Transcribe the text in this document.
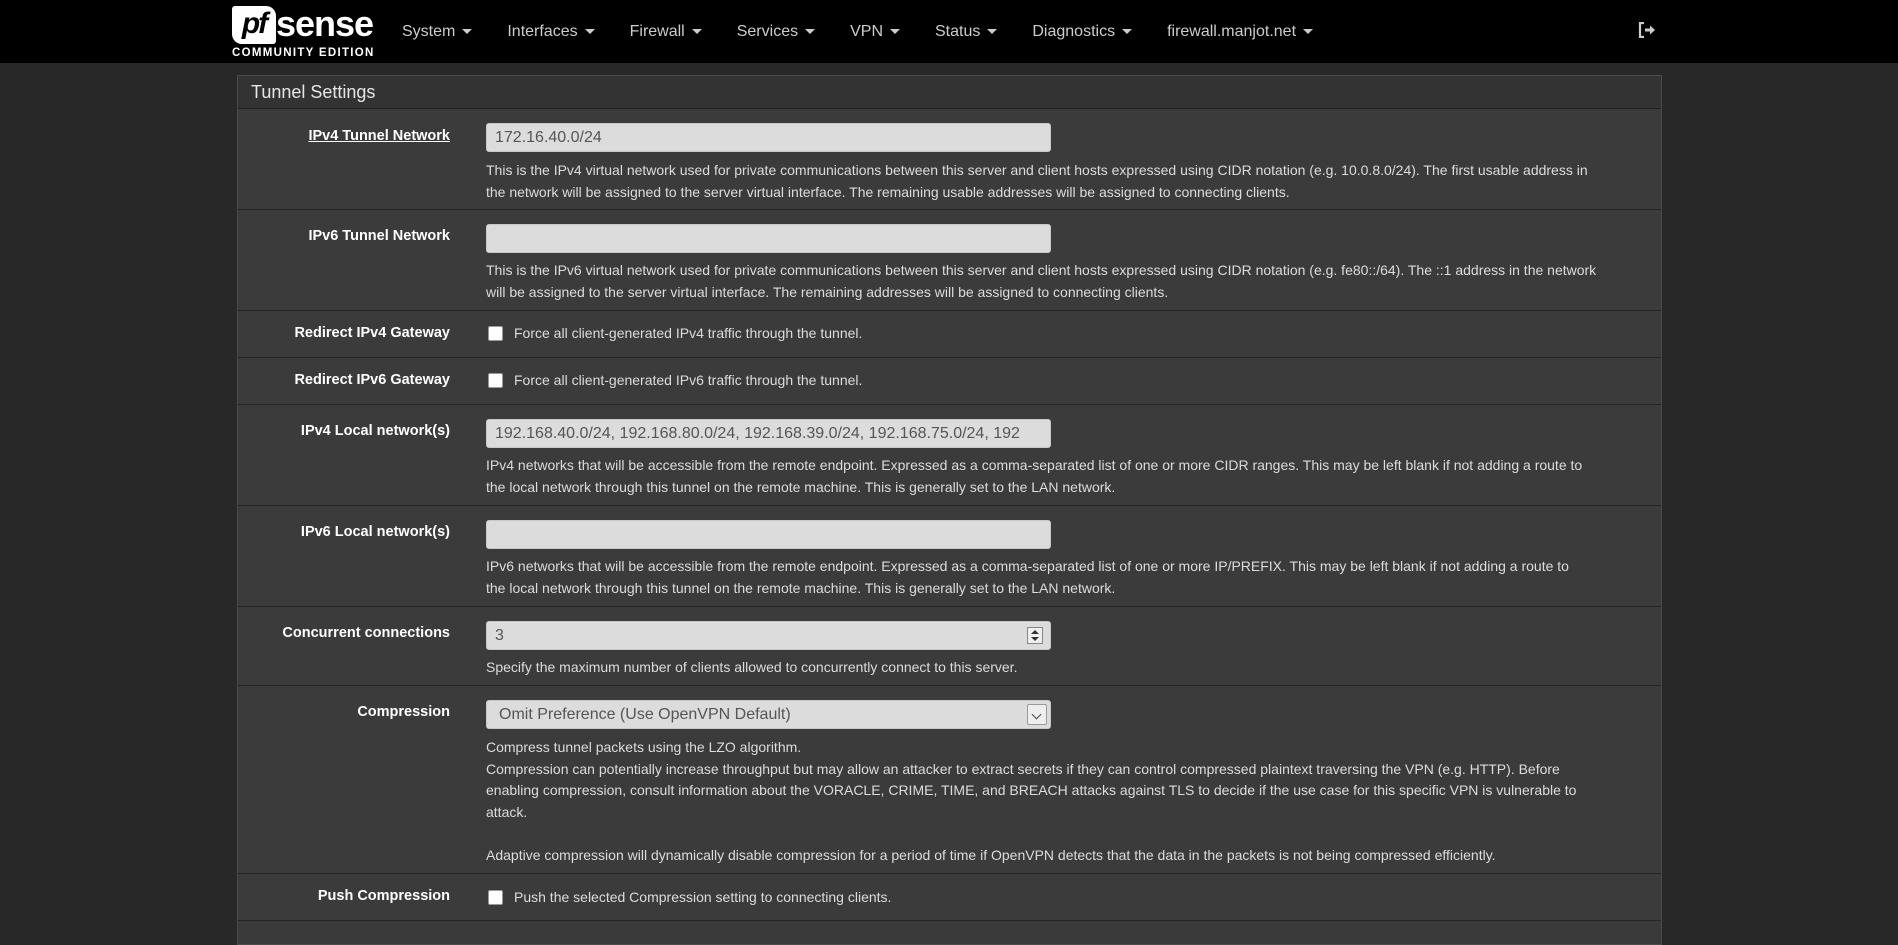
pf sense
COMMUNITY EDITION
System	Interfaces	Firewall	Services	VPN	Status	Diagnostics	firewall.manjot.net
Tunnel Settings
IPv4 Tunnel Network	172.16.40.0/24
This is the IPv4 virtual network used for private communications between this server and client hosts expressed using CIDR notation (e.g. 10.0.8.0/24). The first usable address in
the network will be assigned to the server virtual interface. The remaining usable addresses will be assigned to connecting clients.
IPv6 Tunnel Network
This is the IPv6 virtual network used for private communications between this server and client hosts expressed using CIDR notation (e.g. fe80::/64). The ::1 address in the network
will be assigned to the server virtual interface. The remaining addresses will be assigned to connecting clients.
Redirect IPv4 Gateway	Force all client-generated IPv4 traffic through the tunnel.
Redirect IPv6 Gateway	Force all client-generated IPv6 traffic through the tunnel.
IPv4 Local network(s)	192.168.40.0/24, 192.168.80.0/24, 192.168.39.0/24, 192.168.75.0/24, 192
IPv4 networks that will be accessible from the remote endpoint. Expressed as a comma-separated list of one or more CIDR ranges. This may be left blank if not adding a route to
the local network through this tunnel on the remote machine. This is generally set to the LAN network.
IPv6 Local network(s)
IPv6 networks that will be accessible from the remote endpoint. Expressed as a comma-separated list of one or more IP/PREFIX. This may be left blank if not adding a route to
the local network through this tunnel on the remote machine. This is generally set to the LAN network.
Concurrent connections	3
Specify the maximum number of clients allowed to concurrently connect to this server.
Compression	Omit Preference (Use OpenVPN Default)
Compress tunnel packets using the LZO algorithm.
Compression can potentially increase throughput but may allow an attacker to extract secrets if they can control compressed plaintext traversing the VPN (e.g. HTTP). Before
enabling compression, consult information about the VORACLE, CRIME, TIME, and BREACH attacks against TLS to decide if the use case for this specific VPN is vulnerable to
attack.
Adaptive compression will dynamically disable compression for a period of time if OpenVPN detects that the data in the packets is not being compressed efficiently.
Push Compression	Push the selected Compression setting to connecting clients.
